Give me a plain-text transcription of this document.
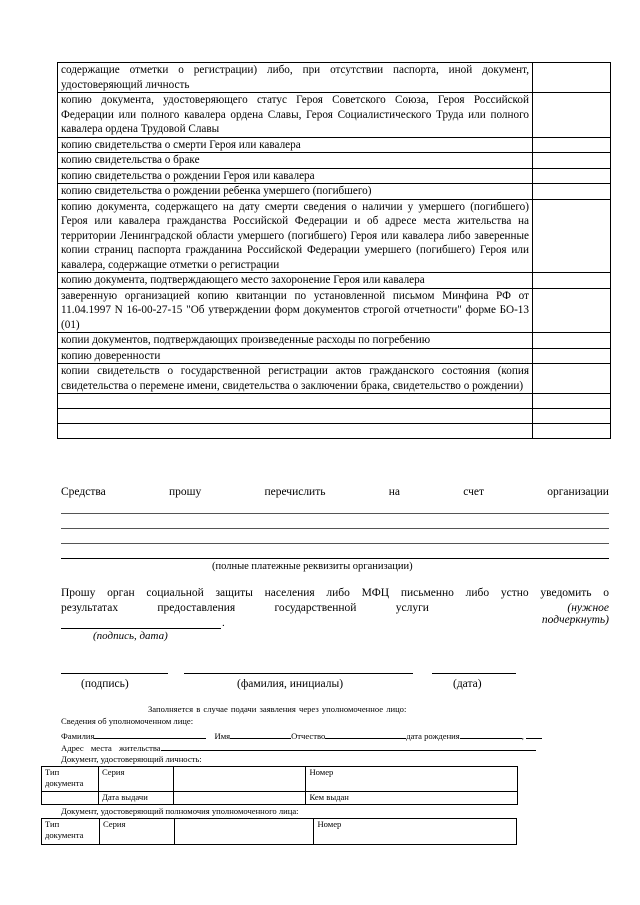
содержащие отметки о регистрации) либо, при отсутствии паспорта, иной документ, удостоверяющий личность	
копию документа, удостоверяющего статус Героя Советского Союза, Героя Российской Федерации или полного кавалера ордена Славы, Героя Социалистического Труда или полного кавалера ордена Трудовой Славы	
копию свидетельства о смерти Героя или кавалера	
копию свидетельства о браке	
копию свидетельства о рождении Героя или кавалера	
копию свидетельства о рождении ребенка умершего (погибшего)	
копию документа, содержащего на дату смерти сведения о наличии у умершего (погибшего) Героя или кавалера гражданства Российской Федерации и об адресе места жительства на территории Ленинградской области умершего (погибшего) Героя или кавалера либо заверенные копии страниц паспорта гражданина Российской Федерации умершего (погибшего) Героя или кавалера, содержащие отметки о регистрации	
копию документа, подтверждающего место захоронение Героя или кавалера	
заверенную организацией копию квитанции по установленной письмом Минфина РФ от 11.04.1997 N 16-00-27-15 "Об утверждении форм документов строгой отчетности" форме БО-13 (01)	
копии документов, подтверждающих произведенные расходы по погребению	
копию доверенности	
копии свидетельств о государственной регистрации актов гражданского состояния (копия свидетельства о перемене имени, свидетельства о заключении брака, свидетельство о рождении)	

Средства	прошу	перечислить	на	счет	организации
(полные платежные реквизиты организации)
Прошу орган социальной защиты населения либо МФЦ письменно либо устно уведомить о
результатах	предоставления	государственной	услуги	(нужное подчеркнуть)
.
(подпись, дата)
(подпись)	(фамилия, инициалы)	(дата)
Заполняется в случае подачи заявления через уполномоченное лицо:
Сведения об уполномоченном лице:
Фамилия	Имя	Отчество	дата рождения	,
Адрес места жительства
Документ, удостоверяющий личность:
Тип документа	Серия		Номер	
	Дата выдачи		Кем выдан	
Документ, удостоверяющий полномочия уполномоченного лица:
Тип документа	Серия		Номер
